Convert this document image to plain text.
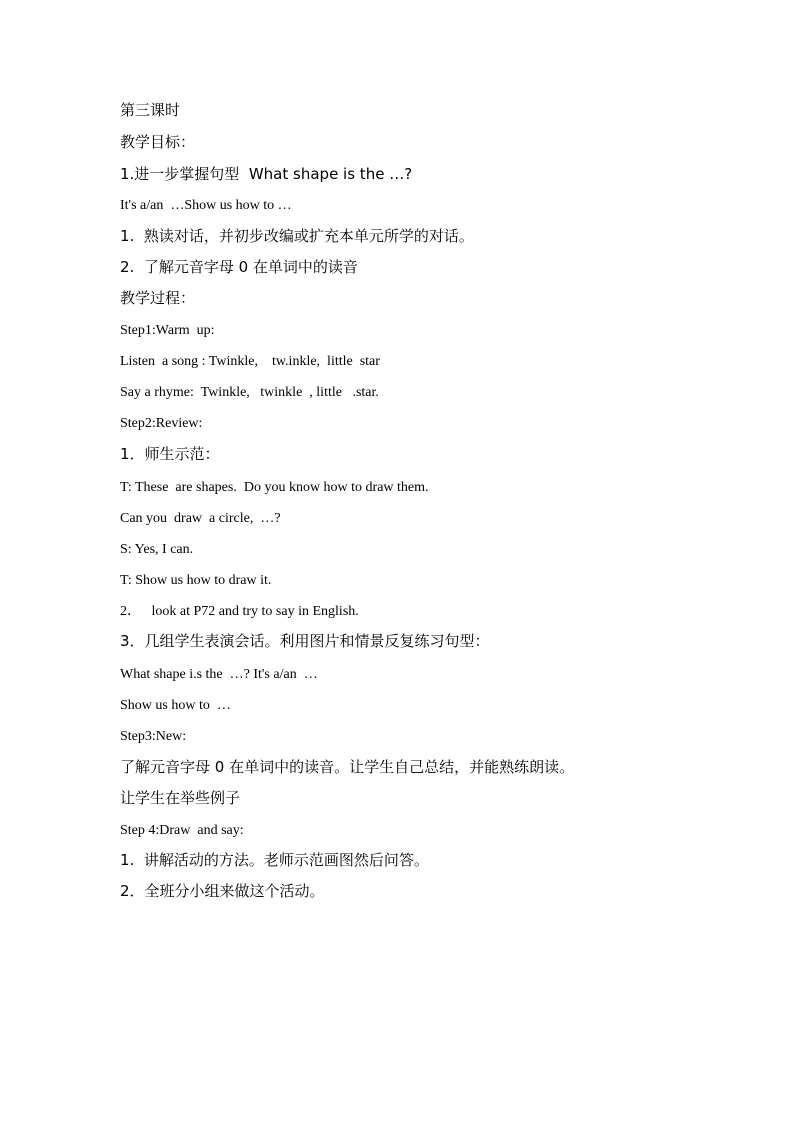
第三课时
教学目标：
1.进一步掌握句型  What shape is the …?
It's a/an  …Show us how to …
1.  熟读对话，并初步改编或扩充本单元所学的对话。
2.  了解元音字母 0 在单词中的读音
教学过程：
Step1:Warm  up:
Listen  a song : Twinkle,    tw.inkle,  little  star
Say a rhyme:  Twinkle,   twinkle  , little   .star.
Step2:Review:
1．师生示范：
T: These  are shapes.  Do you know how to draw them.
Can you  draw  a circle,  …?
S: Yes, I can.
T: Show us how to draw it.
2．   look at P72 and try to say in English.
3．几组学生表演会话。利用图片和情景反复练习句型：
What shape i.s the  …? It's a/an  …
Show us how to  …
Step3:New:
了解元音字母 0 在单词中的读音。让学生自己总结，并能熟练朗读。
让学生在举些例子
Step 4:Draw  and say:
1.  讲解活动的方法。老师示范画图然后问答。
2．全班分小组来做这个活动。
